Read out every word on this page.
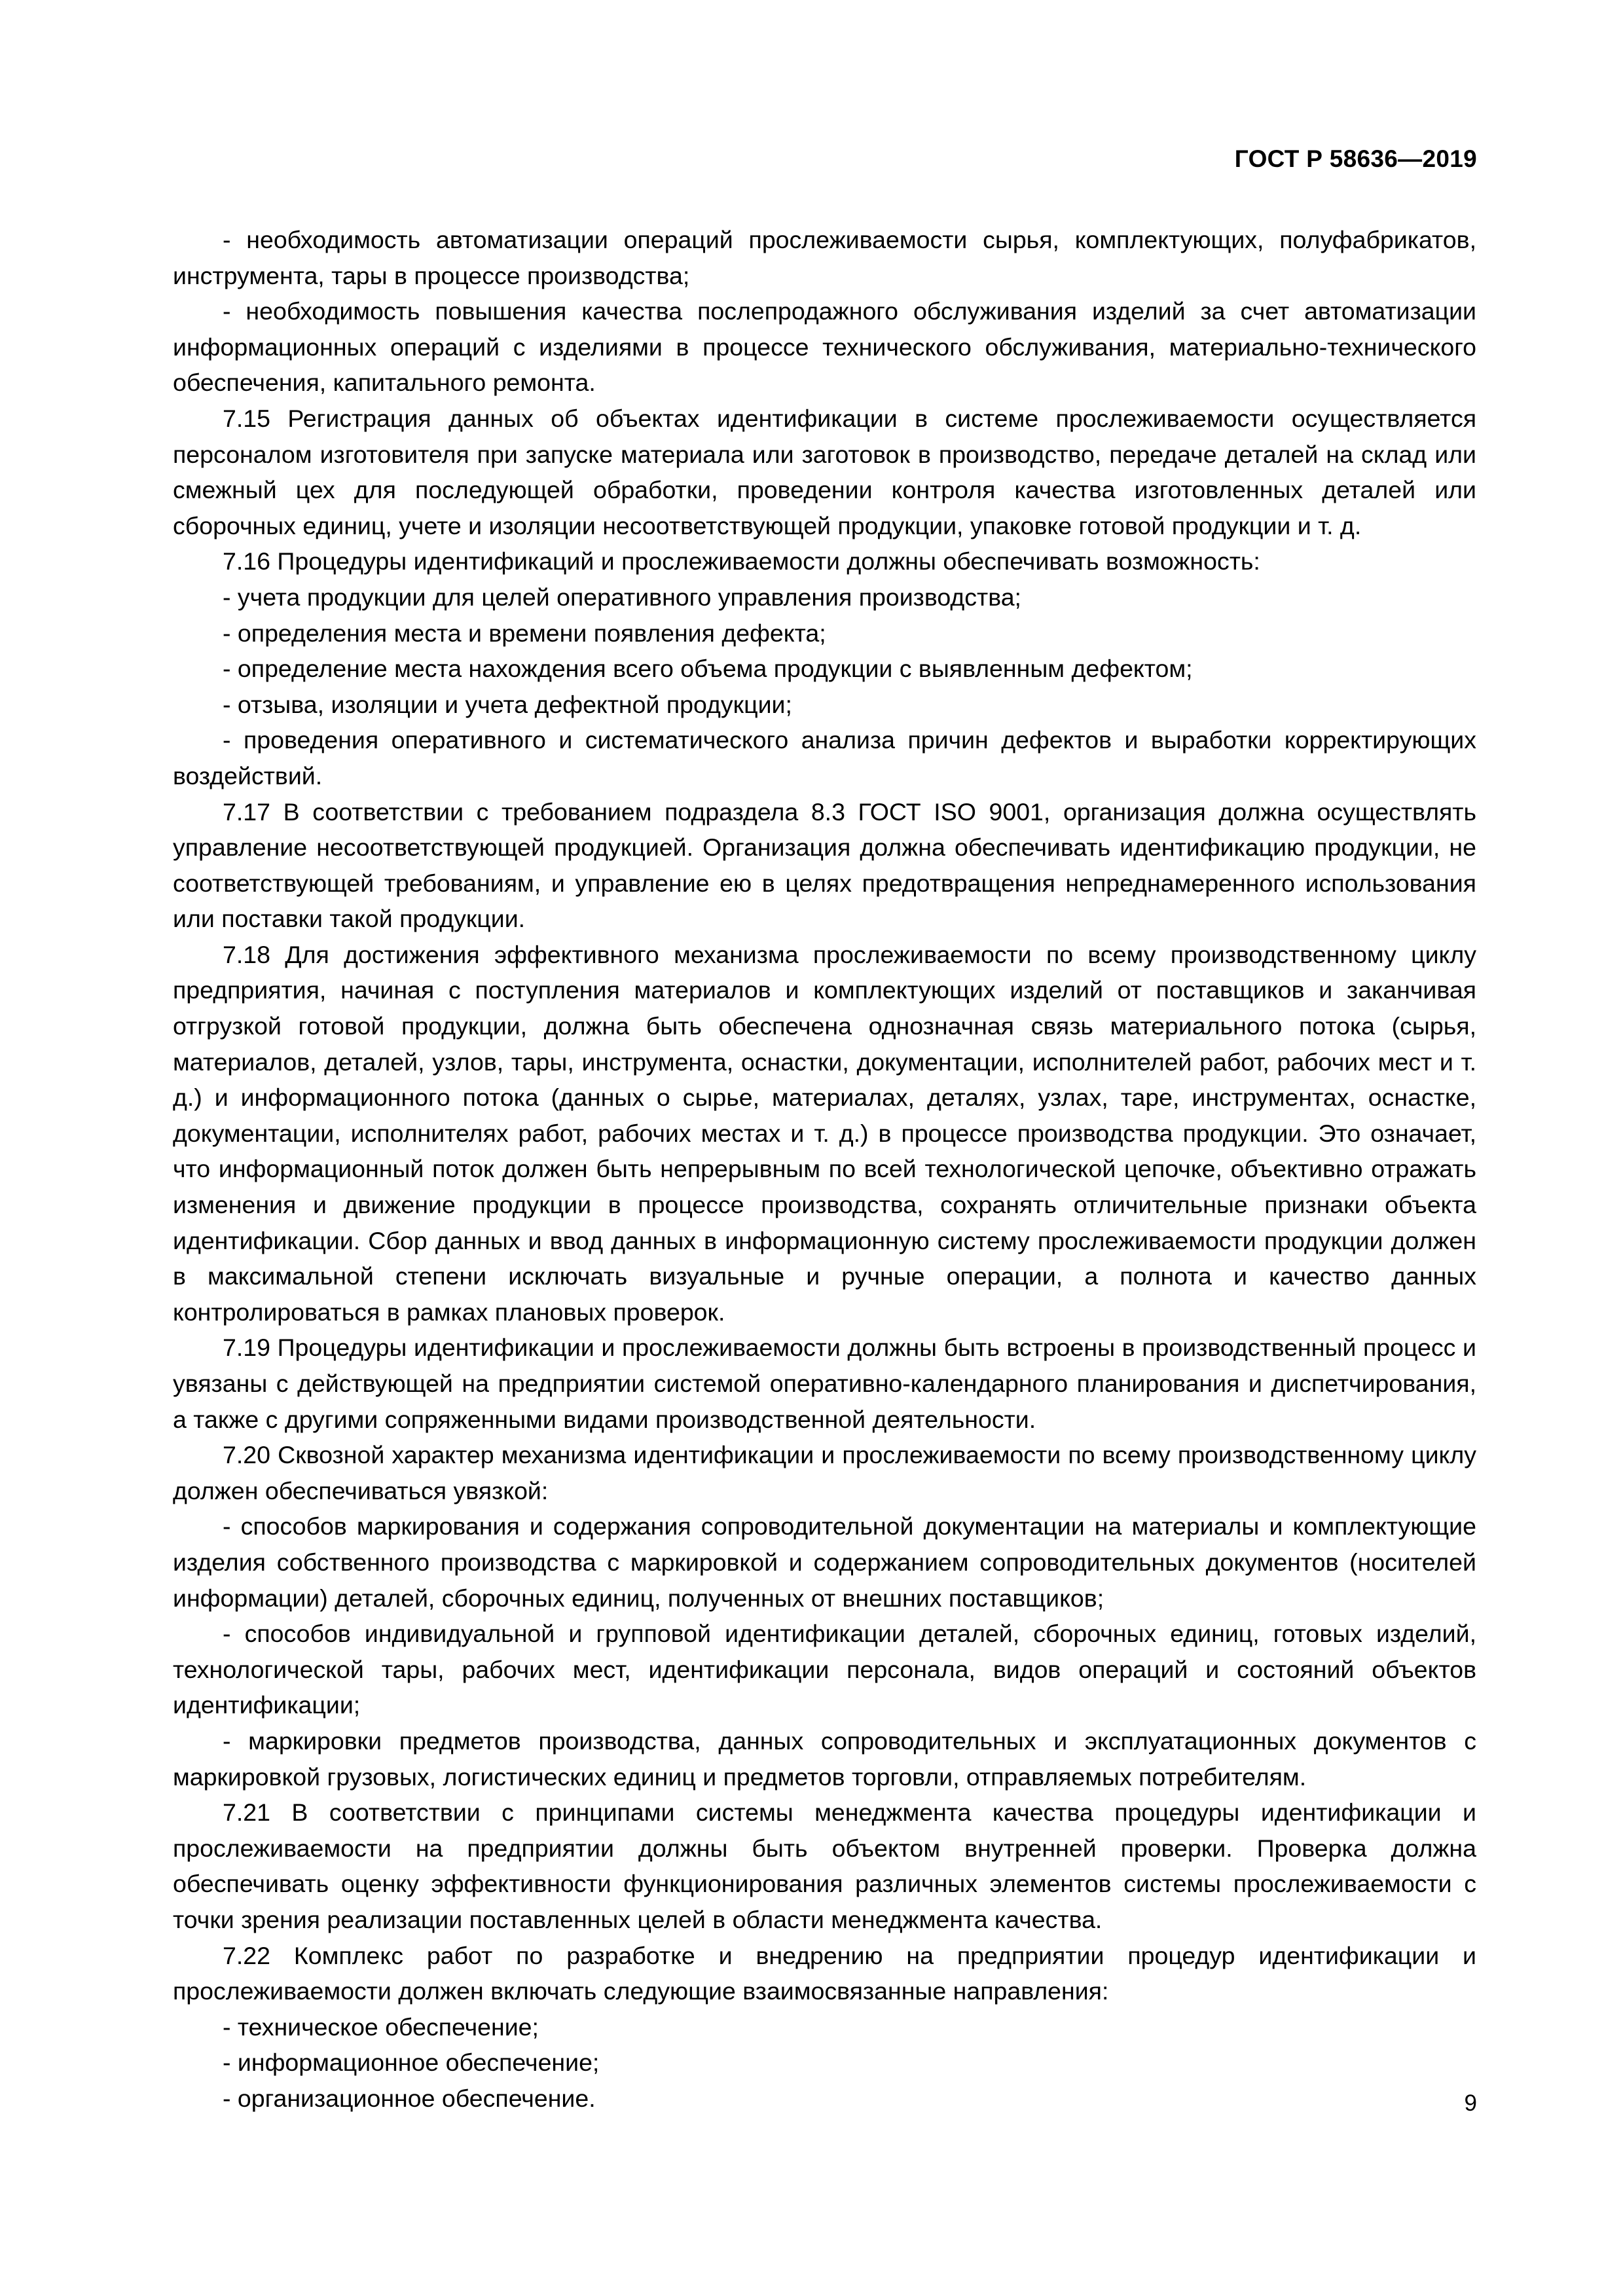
ГОСТ Р 58636—2019

- необходимость автоматизации операций прослеживаемости сырья, комплектующих, полуфабрикатов, инструмента, тары в процессе производства;

- необходимость повышения качества послепродажного обслуживания изделий за счет автоматизации информационных операций с изделиями в процессе технического обслуживания, материально-технического обеспечения, капитального ремонта.

7.15 Регистрация данных об объектах идентификации в системе прослеживаемости осуществляется персоналом изготовителя при запуске материала или заготовок в производство, передаче деталей на склад или смежный цех для последующей обработки, проведении контроля качества изготовленных деталей или сборочных единиц, учете и изоляции несоответствующей продукции, упаковке готовой продукции и т. д.

7.16 Процедуры идентификаций и прослеживаемости должны обеспечивать возможность:

- учета продукции для целей оперативного управления производства;

- определения места и времени появления дефекта;

- определение места нахождения всего объема продукции с выявленным дефектом;

- отзыва, изоляции и учета дефектной продукции;

- проведения оперативного и систематического анализа причин дефектов и выработки корректирующих воздействий.

7.17 В соответствии с требованием подраздела 8.3 ГОСТ ISO 9001, организация должна осуществлять управление несоответствующей продукцией. Организация должна обеспечивать идентификацию продукции, не соответствующей требованиям, и управление ею в целях предотвращения непреднамеренного использования или поставки такой продукции.

7.18 Для достижения эффективного механизма прослеживаемости по всему производственному циклу предприятия, начиная с поступления материалов и комплектующих изделий от поставщиков и заканчивая отгрузкой готовой продукции, должна быть обеспечена однозначная связь материального потока (сырья, материалов, деталей, узлов, тары, инструмента, оснастки, документации, исполнителей работ, рабочих мест и т. д.) и информационного потока (данных о сырье, материалах, деталях, узлах, таре, инструментах, оснастке, документации, исполнителях работ, рабочих местах и т. д.) в процессе производства продукции. Это означает, что информационный поток должен быть непрерывным по всей технологической цепочке, объективно отражать изменения и движение продукции в процессе производства, сохранять отличительные признаки объекта идентификации. Сбор данных и ввод данных в информационную систему прослеживаемости продукции должен в максимальной степени исключать визуальные и ручные операции, а полнота и качество данных контролироваться в рамках плановых проверок.

7.19 Процедуры идентификации и прослеживаемости должны быть встроены в производственный процесс и увязаны с действующей на предприятии системой оперативно-календарного планирования и диспетчирования, а также с другими сопряженными видами производственной деятельности.

7.20 Сквозной характер механизма идентификации и прослеживаемости по всему производственному циклу должен обеспечиваться увязкой:

- способов маркирования и содержания сопроводительной документации на материалы и комплектующие изделия собственного производства с маркировкой и содержанием сопроводительных документов (носителей информации) деталей, сборочных единиц, полученных от внешних поставщиков;

- способов индивидуальной и групповой идентификации деталей, сборочных единиц, готовых изделий, технологической тары, рабочих мест, идентификации персонала, видов операций и состояний объектов идентификации;

- маркировки предметов производства, данных сопроводительных и эксплуатационных документов с маркировкой грузовых, логистических единиц и предметов торговли, отправляемых потребителям.

7.21 В соответствии с принципами системы менеджмента качества процедуры идентификации и прослеживаемости на предприятии должны быть объектом внутренней проверки. Проверка должна обеспечивать оценку эффективности функционирования различных элементов системы прослеживаемости с точки зрения реализации поставленных целей в области менеджмента качества.

7.22 Комплекс работ по разработке и внедрению на предприятии процедур идентификации и прослеживаемости должен включать следующие взаимосвязанные направления:

- техническое обеспечение;

- информационное обеспечение;

- организационное обеспечение.	9
